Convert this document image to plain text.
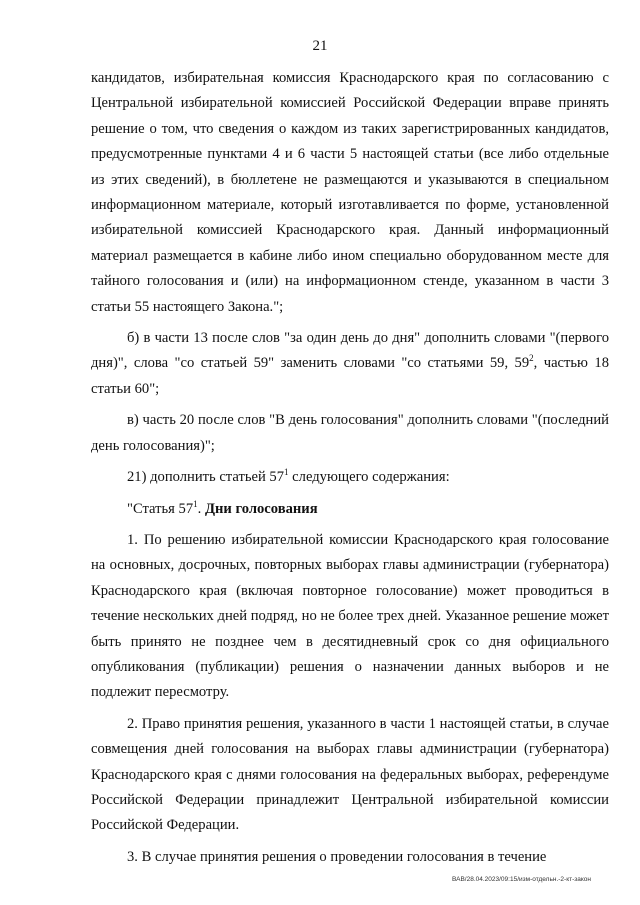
21

кандидатов, избирательная комиссия Краснодарского края по согласованию с Центральной избирательной комиссией Российской Федерации вправе принять решение о том, что сведения о каждом из таких зарегистрированных кандидатов, предусмотренные пунктами 4 и 6 части 5 настоящей статьи (все либо отдельные из этих сведений), в бюллетене не размещаются и указываются в специальном информационном материале, который изготавливается по форме, установленной избирательной комиссией Краснодарского края. Данный информационный материал размещается в кабине либо ином специально оборудованном месте для тайного голосования и (или) на информационном стенде, указанном в части 3 статьи 55 настоящего Закона.";

б) в части 13 после слов "за один день до дня" дополнить словами "(первого дня)", слова "со статьей 59" заменить словами "со статьями 59, $59^2$, частью 18 статьи 60";

в) часть 20 после слов "В день голосования" дополнить словами "(последний день голосования)";

21) дополнить статьей $57^1$ следующего содержания:

"Статья $57^1$. Дни голосования

1. По решению избирательной комиссии Краснодарского края голосование на основных, досрочных, повторных выборах главы администрации (губернатора) Краснодарского края (включая повторное голосование) может проводиться в течение нескольких дней подряд, но не более трех дней. Указанное решение может быть принято не позднее чем в десятидневный срок со дня официального опубликования (публикации) решения о назначении данных выборов и не подлежит пересмотру.

2. Право принятия решения, указанного в части 1 настоящей статьи, в случае совмещения дней голосования на выборах главы администрации (губернатора) Краснодарского края с днями голосования на федеральных выборах, референдуме Российской Федерации принадлежит Центральной избирательной комиссии Российской Федерации.

3. В случае принятия решения о проведении голосования в течение

ВАВ/28.04.2023/09:15/изм-отдельн.-2-кт-закон
